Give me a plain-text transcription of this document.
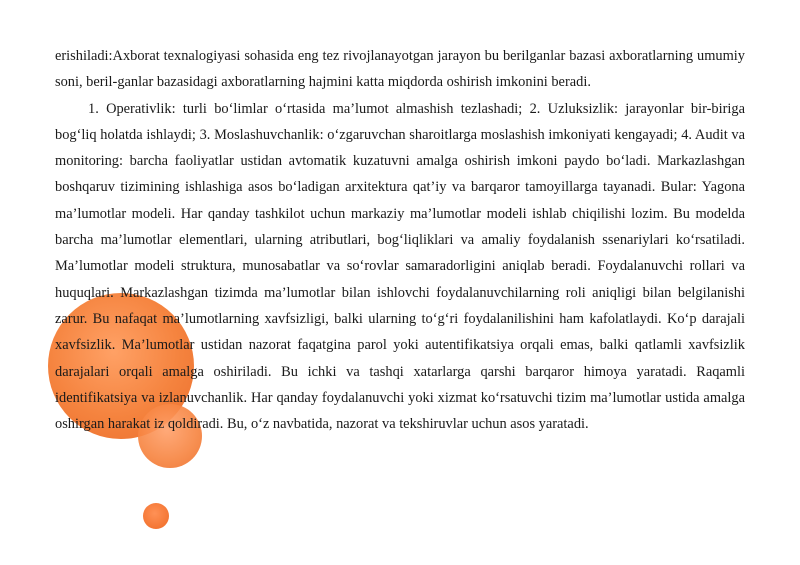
erishiladi:Axborat texnalogiyasi sohasida eng tez rivojlanayotgan jarayon bu berilganlar bazasi axboratlarning umumiy soni, beril-ganlar bazasidagi axboratlarning hajmini katta miqdorda oshirish imkonini beradi.

1. Operativlik: turli bo‘limlar o‘rtasida ma’lumot almashish tezlashadi; 2. Uzluksizlik: jarayonlar bir-biriga bog‘liq holatda ishlaydi; 3. Moslashuvchanlik: o‘zgaruvchan sharoitlarga moslashish imkoniyati kengayadi; 4. Audit va monitoring: barcha faoliyatlar ustidan avtomatik kuzatuvni amalga oshirish imkoni paydo bo‘ladi. Markazlashgan boshqaruv tizimining ishlashiga asos bo‘ladigan arxitektura qat’iy va barqaror tamoyillarga tayanadi. Bular: Yagona ma’lumotlar modeli. Har qanday tashkilot uchun markaziy ma’lumotlar modeli ishlab chiqilishi lozim. Bu modelda barcha ma’lumotlar elementlari, ularning atributlari, bog‘liqliklari va amaliy foydalanish ssenariylari ko‘rsatiladi. Ma’lumotlar modeli struktura, munosabatlar va so‘rovlar samaradorligini aniqlab beradi. Foydalanuvchi rollari va huquqlari. Markazlashgan tizimda ma’lumotlar bilan ishlovchi foydalanuvchilarning roli aniqligi bilan belgilanishi zarur. Bu nafaqat ma’lumotlarning xavfsizligi, balki ularning to‘g‘ri foydalanilishini ham kafolatlaydi. Ko‘p darajali xavfsizlik. Ma’lumotlar ustidan nazorat faqatgina parol yoki autentifikatsiya orqali emas, balki qatlamli xavfsizlik darajalari orqali amalga oshiriladi. Bu ichki va tashqi xatarlarga qarshi barqaror himoya yaratadi. Raqamli identifikatsiya va izlanuvchanlik. Har qanday foydalanuvchi yoki xizmat ko‘rsatuvchi tizim ma’lumotlar ustida amalga oshirgan harakat iz qoldiradi. Bu, o‘z navbatida, nazorat va tekshiruvlar uchun asos yaratadi.
